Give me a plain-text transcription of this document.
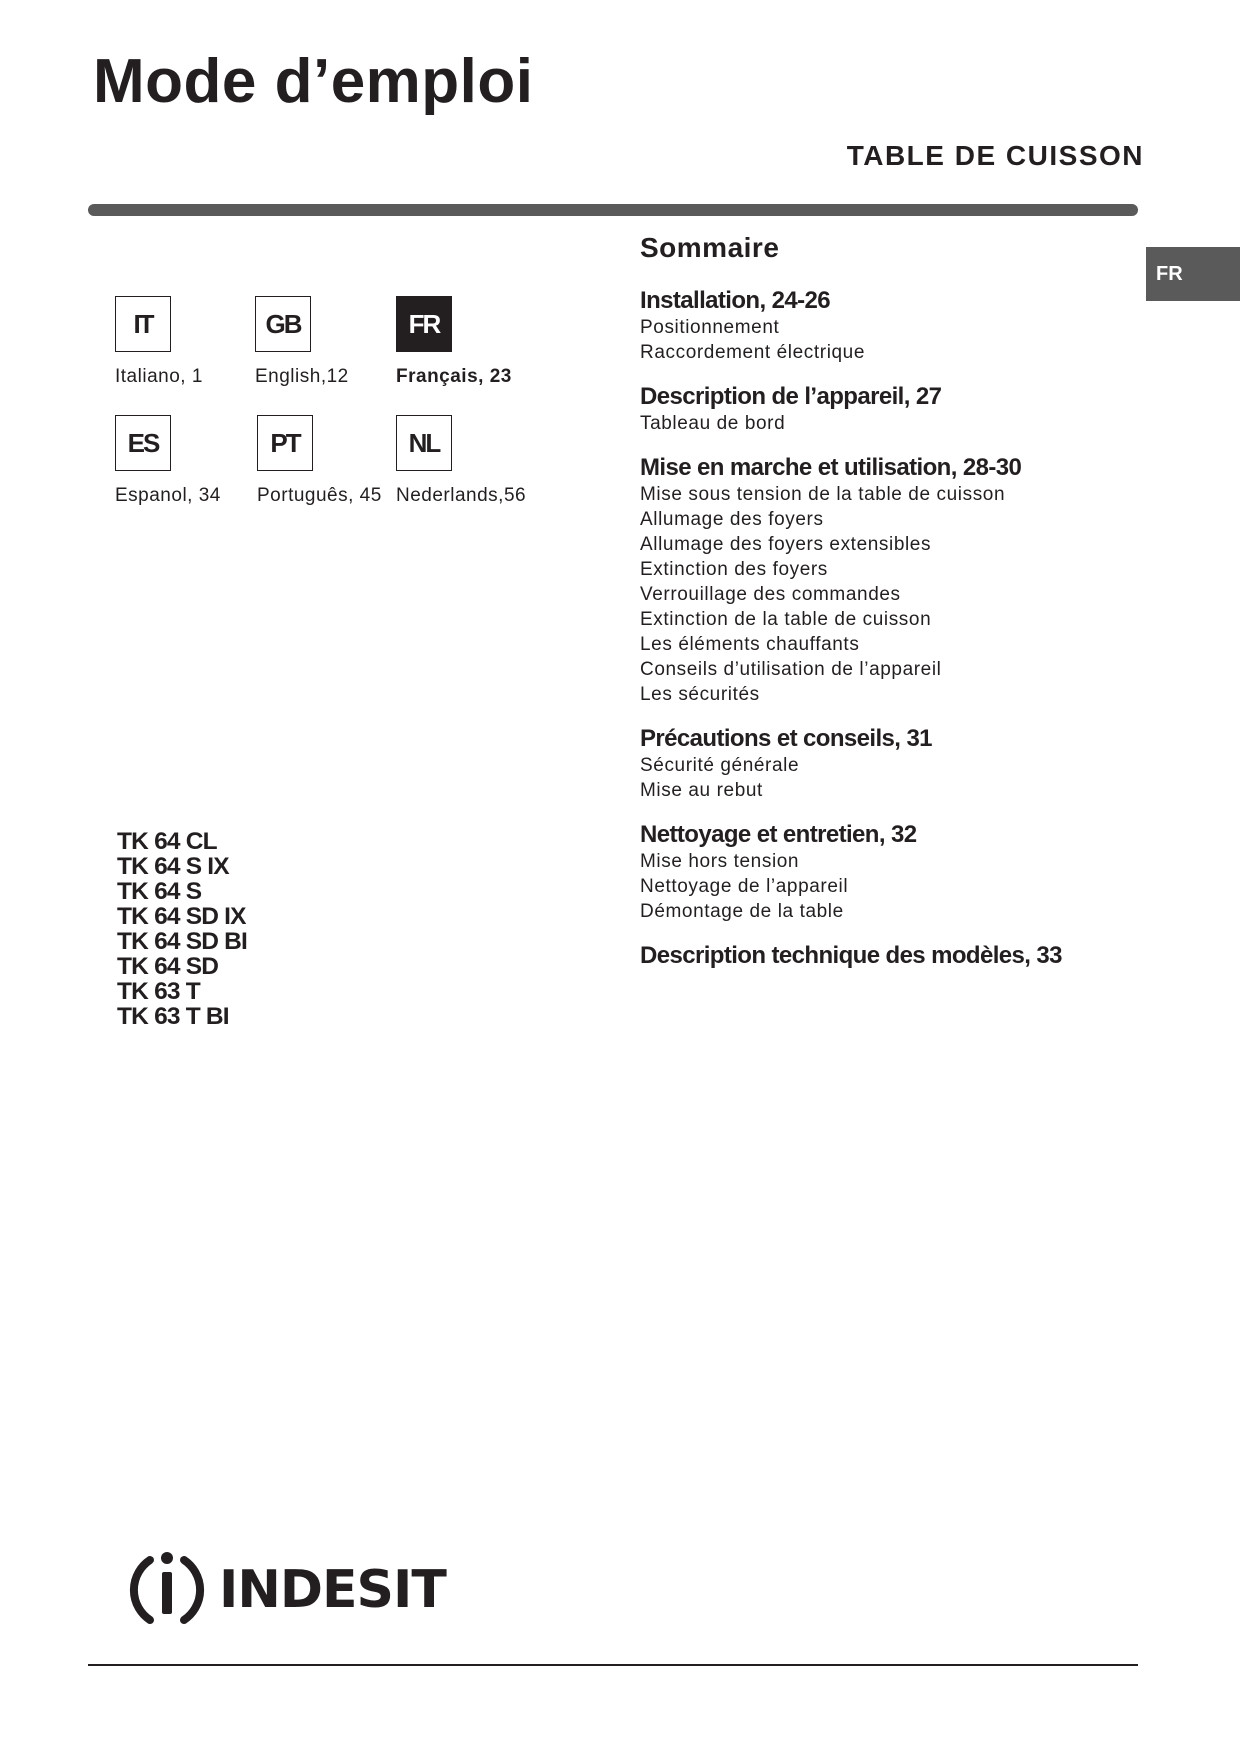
Mode d’emploi
TABLE DE CUISSON
FR
IT
Italiano, 1
GB
English,12
FR
Français, 23
ES
Espanol, 34
PT
Português, 45
NL
Nederlands,56
TK 64 CL
TK 64 S IX
TK 64 S
TK 64 SD IX
TK 64 SD BI
TK 64 SD
TK 63 T
TK 63 T BI
Sommaire
Installation, 24-26
Positionnement
Raccordement électrique
Description de l’appareil, 27
Tableau de bord
Mise en marche et utilisation, 28-30
Mise sous tension de la table de cuisson
Allumage des foyers
Allumage des foyers extensibles
Extinction des foyers
Verrouillage des commandes
Extinction de la table de cuisson
Les éléments chauffants
Conseils d’utilisation de l’appareil
Les sécurités
Précautions et conseils, 31
Sécurité générale
Mise au rebut
Nettoyage et entretien, 32
Mise hors tension
Nettoyage de l’appareil
Démontage de la table
Description technique des modèles, 33
INDESIT
